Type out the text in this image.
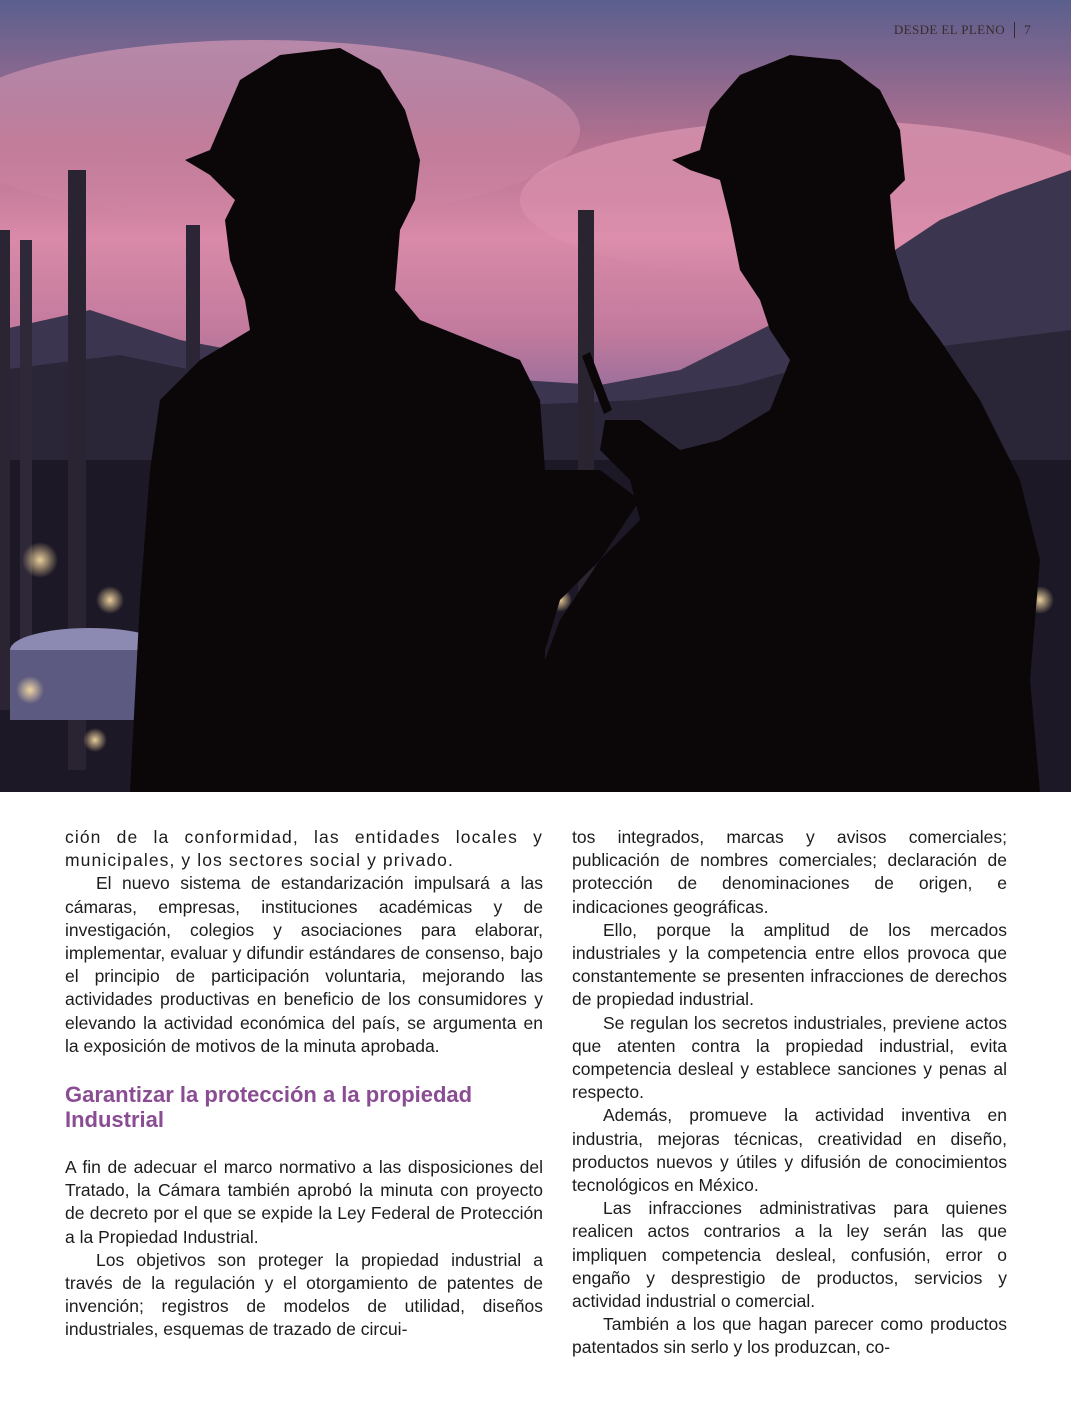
DESDE EL PLENO 7

ción de la conformidad, las entidades locales y municipales, y los sectores social y privado.

El nuevo sistema de estandarización impulsará a las cámaras, empresas, instituciones académicas y de investigación, colegios y asociaciones para elaborar, implementar, evaluar y difundir estándares de consenso, bajo el principio de participación voluntaria, mejorando las actividades productivas en beneficio de los consumidores y elevando la actividad económica del país, se argumenta en la exposición de motivos de la minuta aprobada.

Garantizar la protección a la propiedad Industrial

A fin de adecuar el marco normativo a las disposiciones del Tratado, la Cámara también aprobó la minuta con proyecto de decreto por el que se expide la Ley Federal de Protección a la Propiedad Industrial.

Los objetivos son proteger la propiedad industrial a través de la regulación y el otorgamiento de patentes de invención; registros de modelos de utilidad, diseños industriales, esquemas de trazado de circui-

tos integrados, marcas y avisos comerciales; publicación de nombres comerciales; declaración de protección de denominaciones de origen, e indicaciones geográficas.

Ello, porque la amplitud de los mercados industriales y la competencia entre ellos provoca que constantemente se presenten infracciones de derechos de propiedad industrial.

Se regulan los secretos industriales, previene actos que atenten contra la propiedad industrial, evita competencia desleal y establece sanciones y penas al respecto.

Además, promueve la actividad inventiva en industria, mejoras técnicas, creatividad en diseño, productos nuevos y útiles y difusión de conocimientos tecnológicos en México.

Las infracciones administrativas para quienes realicen actos contrarios a la ley serán las que impliquen competencia desleal, confusión, error o engaño y desprestigio de productos, servicios y actividad industrial o comercial.

También a los que hagan parecer como productos patentados sin serlo y los produzcan, co-
